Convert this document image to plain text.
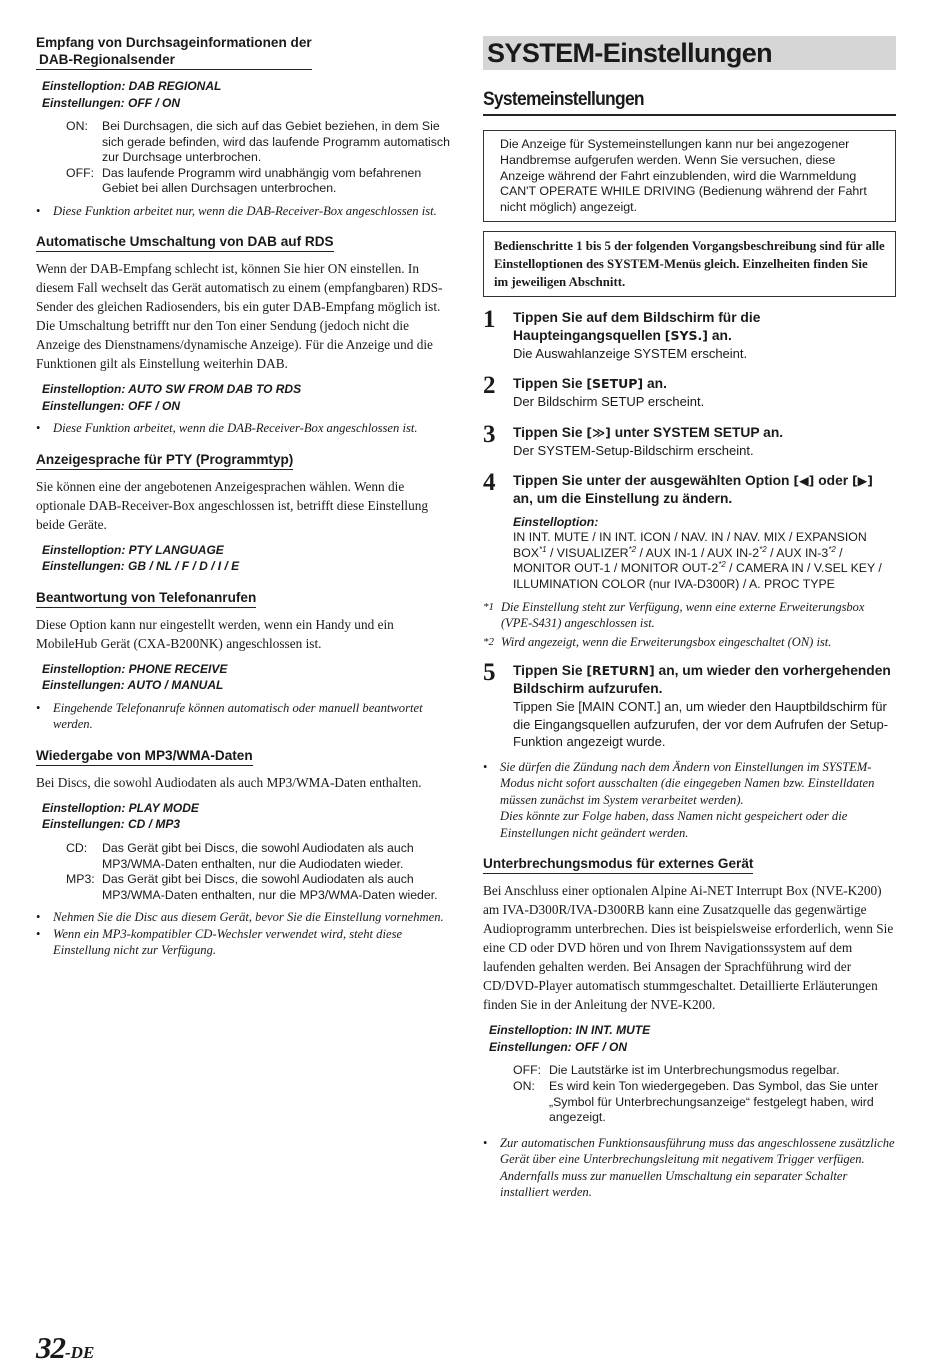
Empfang von Durchsageinformationen der
DAB-Regionalsender
Einstelloption: DAB REGIONAL
Einstellungen: OFF / ON
ON:	Bei Durchsagen, die sich auf das Gebiet beziehen, in dem Sie sich gerade befinden, wird das laufende Programm automatisch zur Durchsage unterbrochen.
OFF: Das laufende Programm wird unabhängig vom befahrenen Gebiet bei allen Durchsagen unterbrochen.
• Diese Funktion arbeitet nur, wenn die DAB-Receiver-Box angeschlossen ist.
Automatische Umschaltung von DAB auf RDS
Wenn der DAB-Empfang schlecht ist, können Sie hier ON einstellen. In diesem Fall wechselt das Gerät automatisch zu einem (empfangbaren) RDS-Sender des gleichen Radiosenders, bis ein guter DAB-Empfang möglich ist. Die Umschaltung betrifft nur den Ton einer Sendung (jedoch nicht die Anzeige des Dienstnamens/dynamische Anzeige). Für die Anzeige und die Funktionen gilt als Einstellung weiterhin DAB.
Einstelloption: AUTO SW FROM DAB TO RDS
Einstellungen: OFF / ON
• Diese Funktion arbeitet, wenn die DAB-Receiver-Box angeschlossen ist.
Anzeigesprache für PTY (Programmtyp)
Sie können eine der angebotenen Anzeigesprachen wählen. Wenn die optionale DAB-Receiver-Box angeschlossen ist, betrifft diese Einstellung beide Geräte.
Einstelloption: PTY LANGUAGE
Einstellungen: GB / NL / F / D / I / E
Beantwortung von Telefonanrufen
Diese Option kann nur eingestellt werden, wenn ein Handy und ein MobileHub Gerät (CXA-B200NK) angeschlossen ist.
Einstelloption: PHONE RECEIVE
Einstellungen: AUTO / MANUAL
• Eingehende Telefonanrufe können automatisch oder manuell beantwortet werden.
Wiedergabe von MP3/WMA-Daten
Bei Discs, die sowohl Audiodaten als auch MP3/WMA-Daten enthalten.
Einstelloption: PLAY MODE
Einstellungen: CD / MP3
CD:	Das Gerät gibt bei Discs, die sowohl Audiodaten als auch MP3/WMA-Daten enthalten, nur die Audiodaten wieder.
MP3: Das Gerät gibt bei Discs, die sowohl Audiodaten als auch MP3/WMA-Daten enthalten, nur die MP3/WMA-Daten wieder.
• Nehmen Sie die Disc aus diesem Gerät, bevor Sie die Einstellung vornehmen.
• Wenn ein MP3-kompatibler CD-Wechsler verwendet wird, steht diese Einstellung nicht zur Verfügung.
SYSTEM-Einstellungen
Systemeinstellungen
Die Anzeige für Systemeinstellungen kann nur bei angezogener Handbremse aufgerufen werden. Wenn Sie versuchen, diese Anzeige während der Fahrt einzublenden, wird die Warnmeldung CAN'T OPERATE WHILE DRIVING (Bedienung während der Fahrt nicht möglich) angezeigt.
Bedienschritte 1 bis 5 der folgenden Vorgangsbeschreibung sind für alle Einstelloptionen des SYSTEM-Menüs gleich. Einzelheiten finden Sie im jeweiligen Abschnitt.
1	Tippen Sie auf dem Bildschirm für die Haupteingangsquellen [SYS.] an.
Die Auswahlanzeige SYSTEM erscheint.
2	Tippen Sie [SETUP] an.
Der Bildschirm SETUP erscheint.
3	Tippen Sie [≫] unter SYSTEM SETUP an.
Der SYSTEM-Setup-Bildschirm erscheint.
4	Tippen Sie unter der ausgewählten Option [◀] oder [▶] an, um die Einstellung zu ändern.
Einstelloption:
IN INT. MUTE / IN INT. ICON / NAV. IN / NAV. MIX / EXPANSION BOX$^{*1}$ / VISUALIZER$^{*2}$ / AUX IN-1 / AUX IN-2$^{*2}$ / AUX IN-3$^{*2}$ / MONITOR OUT-1 / MONITOR OUT-2$^{*2}$ / CAMERA IN / V.SEL KEY / ILLUMINATION COLOR (nur IVA-D300R) / A. PROC TYPE
*1 Die Einstellung steht zur Verfügung, wenn eine externe Erweiterungsbox (VPE-S431) angeschlossen ist.
*2 Wird angezeigt, wenn die Erweiterungsbox eingeschaltet (ON) ist.
5	Tippen Sie [RETURN] an, um wieder den vorhergehenden Bildschirm aufzurufen.
Tippen Sie [MAIN CONT.] an, um wieder den Hauptbildschirm für die Eingangsquellen aufzurufen, der vor dem Aufrufen der Setup-Funktion angezeigt wurde.
• Sie dürfen die Zündung nach dem Ändern von Einstellungen im SYSTEM-Modus nicht sofort ausschalten (die eingegeben Namen bzw. Einstelldaten müssen zunächst im System verarbeitet werden).
Dies könnte zur Folge haben, dass Namen nicht gespeichert oder die Einstellungen nicht geändert werden.
Unterbrechungsmodus für externes Gerät
Bei Anschluss einer optionalen Alpine Ai-NET Interrupt Box (NVE-K200) am IVA-D300R/IVA-D300RB kann eine Zusatzquelle das gegenwärtige Audioprogramm unterbrechen. Dies ist beispielsweise erforderlich, wenn Sie eine CD oder DVD hören und von Ihrem Navigationssystem auf dem laufenden gehalten werden. Bei Ansagen der Sprachführung wird der CD/DVD-Player automatisch stummgeschaltet. Detaillierte Erläuterungen finden Sie in der Anleitung der NVE-K200.
Einstelloption: IN INT. MUTE
Einstellungen: OFF / ON
OFF: Die Lautstärke ist im Unterbrechungsmodus regelbar.
ON:	Es wird kein Ton wiedergegeben. Das Symbol, das Sie unter „Symbol für Unterbrechungsanzeige“ festgelegt haben, wird angezeigt.
• Zur automatischen Funktionsausführung muss das angeschlossene zusätzliche Gerät über eine Unterbrechungsleitung mit negativem Trigger verfügen. Andernfalls muss zur manuellen Umschaltung ein separater Schalter installiert werden.
32-DE
